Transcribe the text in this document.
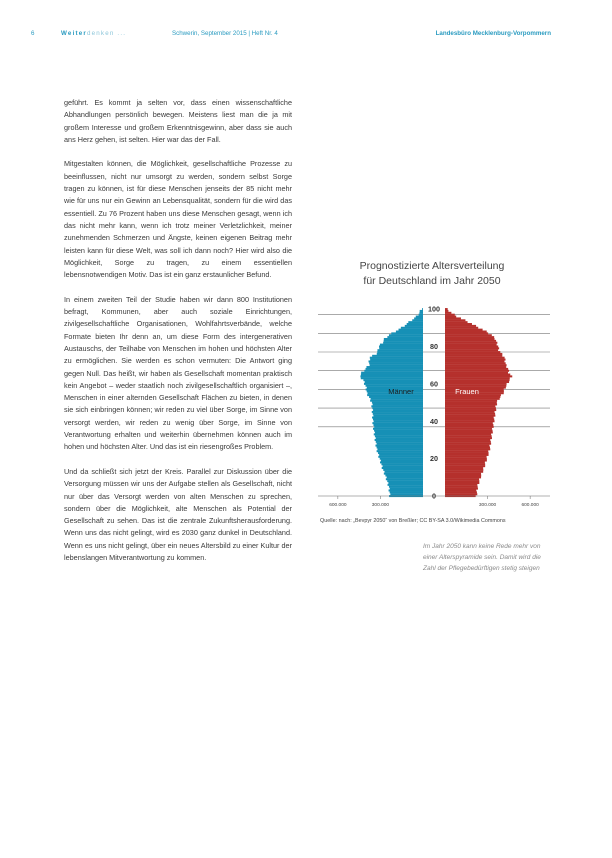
6	Weiterdenken ...	Schwerin, September 2015 | Heft Nr. 4	Landesbüro Mecklenburg-Vorpommern

geführt. Es kommt ja selten vor, dass einen wissenschaftliche Abhandlungen persönlich bewegen. Meistens liest man die ja mit großem Interesse und großem Erkenntnisgewinn, aber dass sie auch ans Herz gehen, ist selten. Hier war das der Fall.

Mitgestalten können, die Möglichkeit, gesellschaftliche Prozesse zu beeinflussen, nicht nur umsorgt zu werden, sondern selbst Sorge tragen zu können, ist für diese Menschen jenseits der 85 nicht mehr wie für uns nur ein Gewinn an Lebensqualität, sondern für die wird das essentiell. Zu 76 Prozent haben uns diese Menschen gesagt, wenn ich das nicht mehr kann, wenn ich trotz meiner Verletzlichkeit, meiner zunehmenden Schmerzen und Ängste, keinen eigenen Beitrag mehr leisten kann für diese Welt, was soll ich dann noch? Hier wird also die Möglichkeit, Sorge zu tragen, zu einem essentiellen lebensnotwendigen Motiv. Das ist ein ganz erstaunlicher Befund.

In einem zweiten Teil der Studie haben wir dann 800 Institutionen befragt, Kommunen, aber auch soziale Einrichtungen, zivilgesellschaftliche Organisationen, Wohlfahrtsverbände, welche Formate bieten Ihr denn an, um diese Form des intergenerativen Austauschs, der Teilhabe von Menschen im hohen und höchsten Alter zu ermöglichen. Sie werden es schon vermuten: Die Antwort ging gegen Null. Das heißt, wir haben als Gesellschaft momentan praktisch kein Angebot – weder staatlich noch zivilgesellschaftlich organisiert –, Menschen in einer alternden Gesellschaft Flächen zu bieten, in denen sie sich einbringen können; wir reden zu viel über Sorge, im Sinne von versorgt werden, wir reden zu wenig über Sorge, im Sinne von Verantwortung erhalten und weiterhin übernehmen können auch im hohen und höchsten Alter. Und das ist ein riesengroßes Problem.

Und da schließt sich jetzt der Kreis. Parallel zur Diskussion über die Versorgung müssen wir uns der Aufgabe stellen als Gesellschaft, nicht nur über das Versorgt werden von alten Menschen zu sprechen, sondern über die Möglichkeit, alte Menschen als Potential der Gesellschaft zu sehen. Das ist die zentrale Zukunftsherausforderung. Wenn uns das nicht gelingt, wird es 2030 ganz dunkel in Deutschland. Wenn es uns nicht gelingt, über ein neues Altersbild zu einer Kultur der lebenslangen Mitverantwortung zu kommen.

Prognostizierte Altersverteilung
für Deutschland im Jahr 2050
0
20
40
60
80
100
600.000	300.000	300.000	600.000
Männer	Frauen
Quelle: nach: „Bevpyr 2050“ von Breßler; CC BY-SA 3.0/Wikimedia Commons
Im Jahr 2050 kann keine Rede mehr von einer Alterspyramide sein. Damit wird die Zahl der Pflegebedürftigen stetig steigen
